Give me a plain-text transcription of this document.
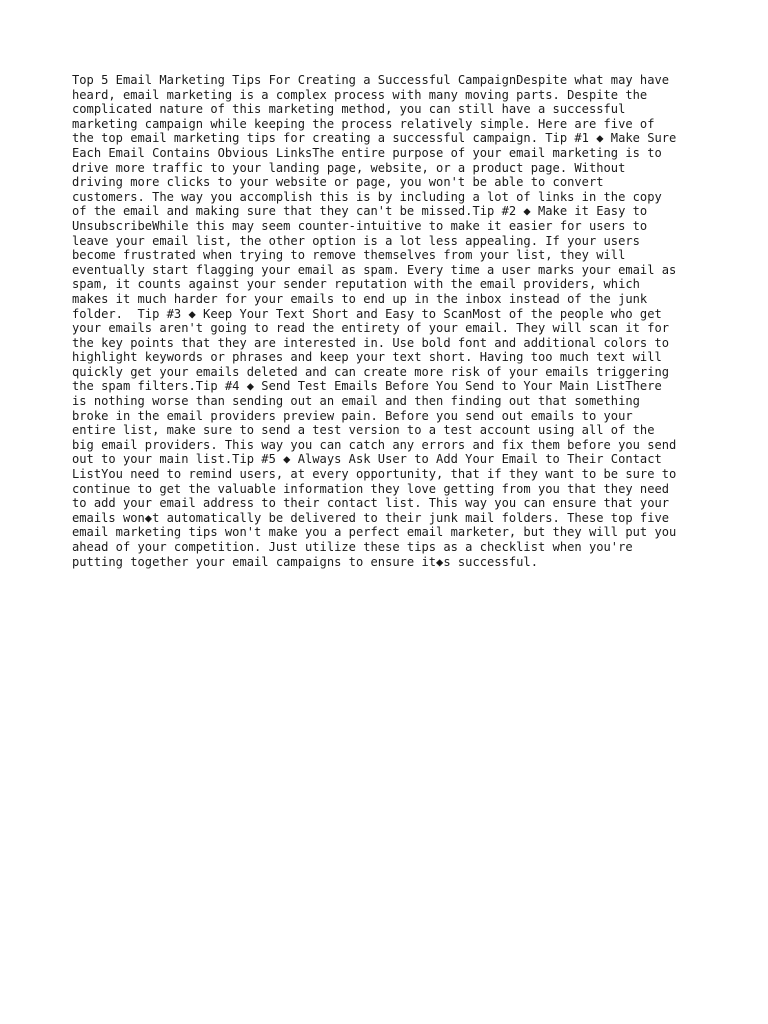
Top 5 Email Marketing Tips For Creating a Successful CampaignDespite what may have
heard, email marketing is a complex process with many moving parts. Despite the
complicated nature of this marketing method, you can still have a successful
marketing campaign while keeping the process relatively simple. Here are five of
the top email marketing tips for creating a successful campaign. Tip #1 ◆ Make Sure
Each Email Contains Obvious LinksThe entire purpose of your email marketing is to
drive more traffic to your landing page, website, or a product page. Without
driving more clicks to your website or page, you won't be able to convert
customers. The way you accomplish this is by including a lot of links in the copy
of the email and making sure that they can't be missed.Tip #2 ◆ Make it Easy to
UnsubscribeWhile this may seem counter-intuitive to make it easier for users to
leave your email list, the other option is a lot less appealing. If your users
become frustrated when trying to remove themselves from your list, they will
eventually start flagging your email as spam. Every time a user marks your email as
spam, it counts against your sender reputation with the email providers, which
makes it much harder for your emails to end up in the inbox instead of the junk
folder.  Tip #3 ◆ Keep Your Text Short and Easy to ScanMost of the people who get
your emails aren't going to read the entirety of your email. They will scan it for
the key points that they are interested in. Use bold font and additional colors to
highlight keywords or phrases and keep your text short. Having too much text will
quickly get your emails deleted and can create more risk of your emails triggering
the spam filters.Tip #4 ◆ Send Test Emails Before You Send to Your Main ListThere
is nothing worse than sending out an email and then finding out that something
broke in the email providers preview pain. Before you send out emails to your
entire list, make sure to send a test version to a test account using all of the
big email providers. This way you can catch any errors and fix them before you send
out to your main list.Tip #5 ◆ Always Ask User to Add Your Email to Their Contact
ListYou need to remind users, at every opportunity, that if they want to be sure to
continue to get the valuable information they love getting from you that they need
to add your email address to their contact list. This way you can ensure that your
emails won◆t automatically be delivered to their junk mail folders. These top five
email marketing tips won't make you a perfect email marketer, but they will put you
ahead of your competition. Just utilize these tips as a checklist when you're
putting together your email campaigns to ensure it◆s successful.
